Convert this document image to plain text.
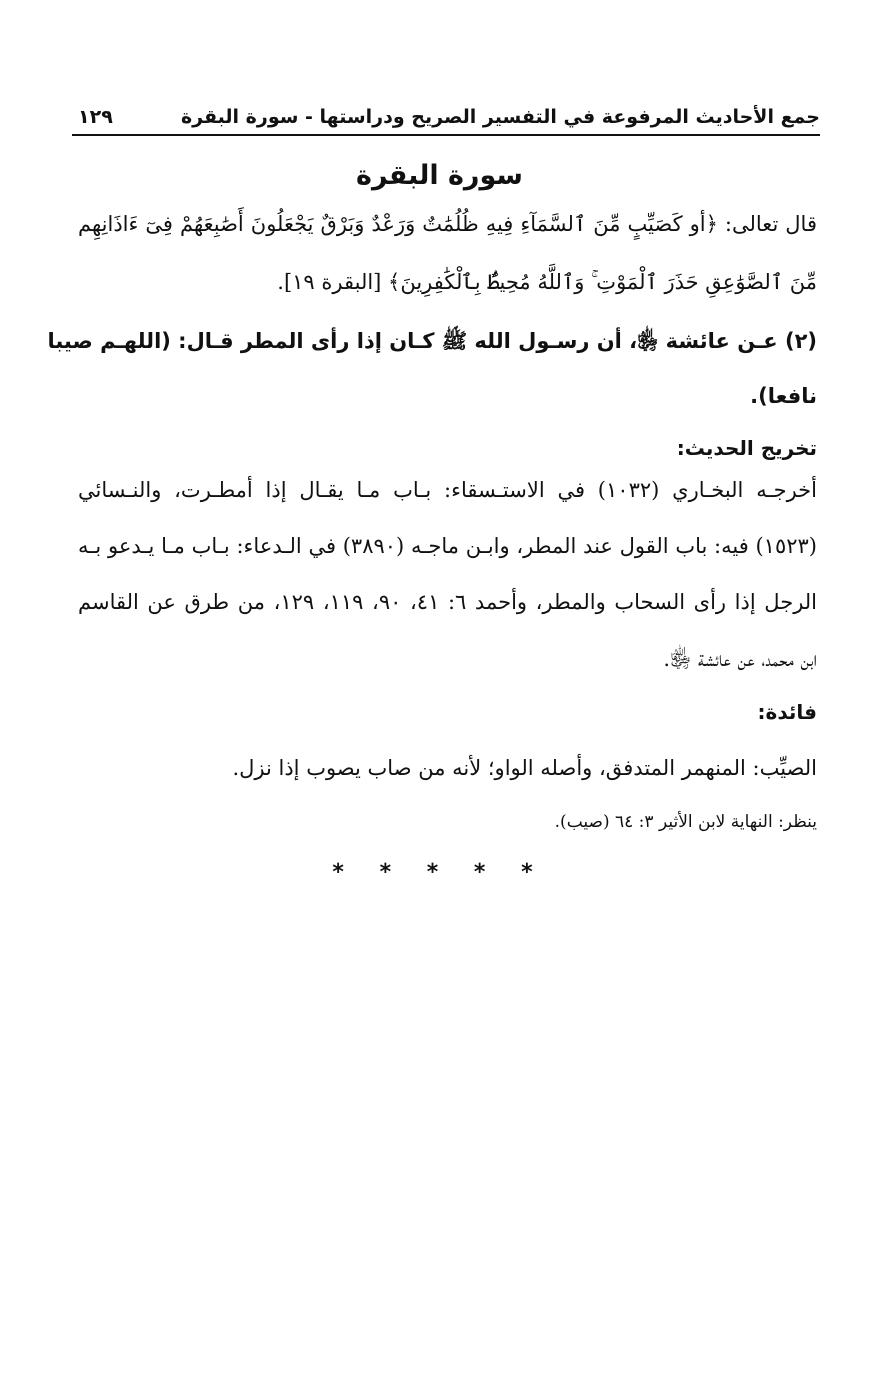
جمع الأحاديث المرفوعة في التفسير الصريح ودراستها - سورة البقرة
١٢٩
سورة البقرة
قال تعالى: ﴿أو كَصَيِّبٍ مِّنَ ٱلسَّمَآءِ فِيهِ ظُلُمَٰتٌ وَرَعْدٌ وَبَرْقٌ يَجْعَلُونَ أَصَٰبِعَهُمْ فِىٓ ءَاذَانِهِم
مِّنَ ٱلصَّوَٰعِقِ حَذَرَ ٱلْمَوْتِ ۚ وَٱللَّهُ مُحِيطٌۢ بِٱلْكَٰفِرِينَ﴾ [البقرة ١٩].
(٢) عـن عائشة ﵂، أن رسـول الله ﷺ كـان إذا رأى المطر قـال: (اللهـم صيبا
نافعا).
تخريج الحديث:
أخرجـه البخـاري (١٠٣٢) في الاستـسقاء: بـاب مـا يقـال إذا أمطـرت، والنـسائي
(١٥٢٣) فيه: باب القول عند المطر، وابـن ماجـه (٣٨٩٠) في الـدعاء: بـاب مـا يـدعو بـه
الرجل إذا رأى السحاب والمطر، وأحمد ٦: ٤١، ٩٠، ١١٩، ١٢٩، من طرق عن القاسم
ابن محمد، عن عائشة ﵂.
فائدة:
الصيِّب: المنهمر المتدفق، وأصله الواو؛ لأنه من صاب يصوب إذا نزل.
ينظر: النهاية لابن الأثير ٣: ٦٤ (صيب).
* * * * *
